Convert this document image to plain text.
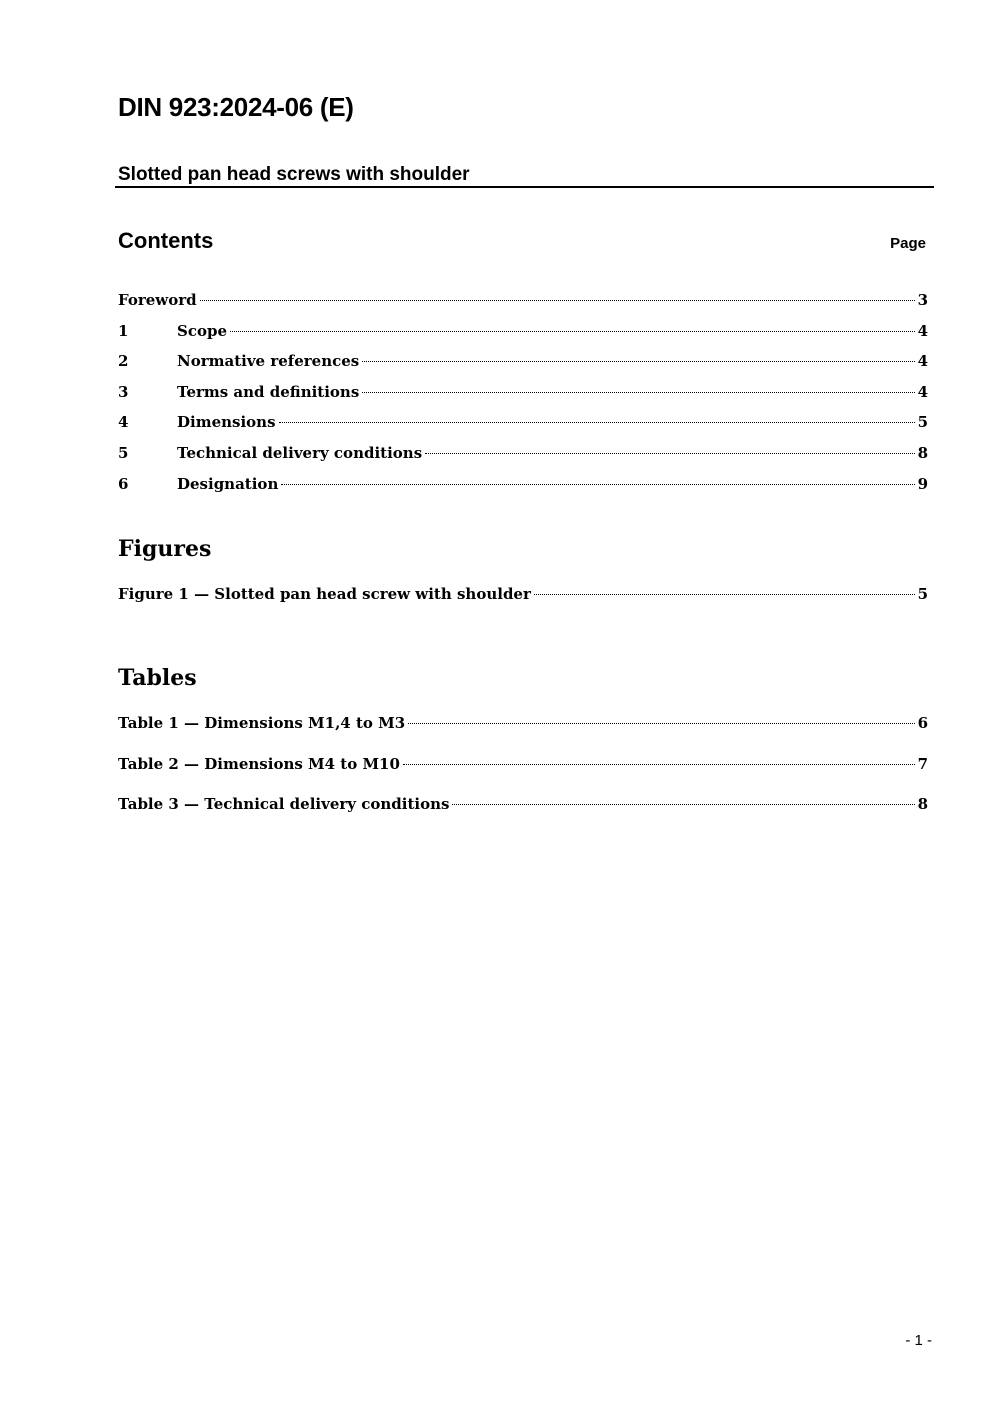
DIN 923:2024-06 (E)
Slotted pan head screws with shoulder
Contents	Page
Foreword	3
1	Scope	4
2	Normative references	4
3	Terms and definitions	4
4	Dimensions	5
5	Technical delivery conditions	8
6	Designation	9
Figures
Figure 1 — Slotted pan head screw with shoulder	5
Tables
Table 1 — Dimensions M1,4 to M3	6
Table 2 — Dimensions M4 to M10	7
Table 3 — Technical delivery conditions	8
- 1 -
